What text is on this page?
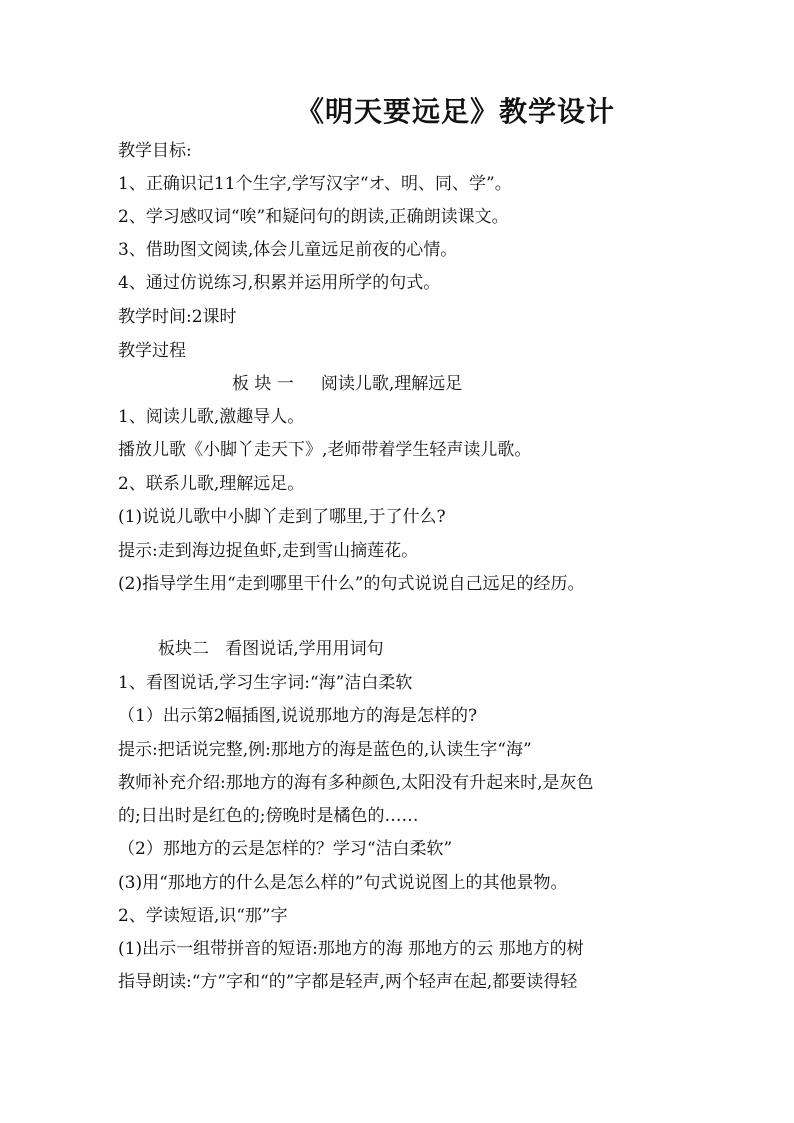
《明天要远足》教学设计
教学目标:
1、正确识记11个生字,学写汉字“オ、明、同、学”。
2、学习感叹词“唉”和疑问句的朗读,正确朗读课文。
3、借助图文阅读,体会儿童远足前夜的心情。
4、通过仿说练习,积累并运用所学的句式。
教学时间:2课时
教学过程
板 块 一     阅读儿歌,理解远足
1、阅读儿歌,激趣导人。
播放儿歌《小脚丫走天下》,老师带着学生轻声读儿歌。
2、联系儿歌,理解远足。
(1)说说儿歌中小脚丫走到了哪里,于了什么?
提示:走到海边捉鱼虾,走到雪山摘莲花。
(2)指导学生用“走到哪里干什么”的句式说说自己远足的经历。
板块二   看图说话,学用用词句
1、看图说话,学习生字词:“海”洁白柔软
（1）出示第2幅插图,说说那地方的海是怎样的?
提示:把话说完整,例:那地方的海是蓝色的,认读生字“海”
教师补充介绍:那地方的海有多种颜色,太阳没有升起来时,是灰色
的;日出时是红色的;傍晚时是橘色的……
（2）那地方的云是怎样的？学习“洁白柔软”
(3)用“那地方的什么是怎么样的”句式说说图上的其他景物。
2、学读短语,识“那”字
(1)出示一组带拼音的短语:那地方的海 那地方的云 那地方的树
指导朗读:“方”字和“的”字都是轻声,两个轻声在起,都要读得轻
